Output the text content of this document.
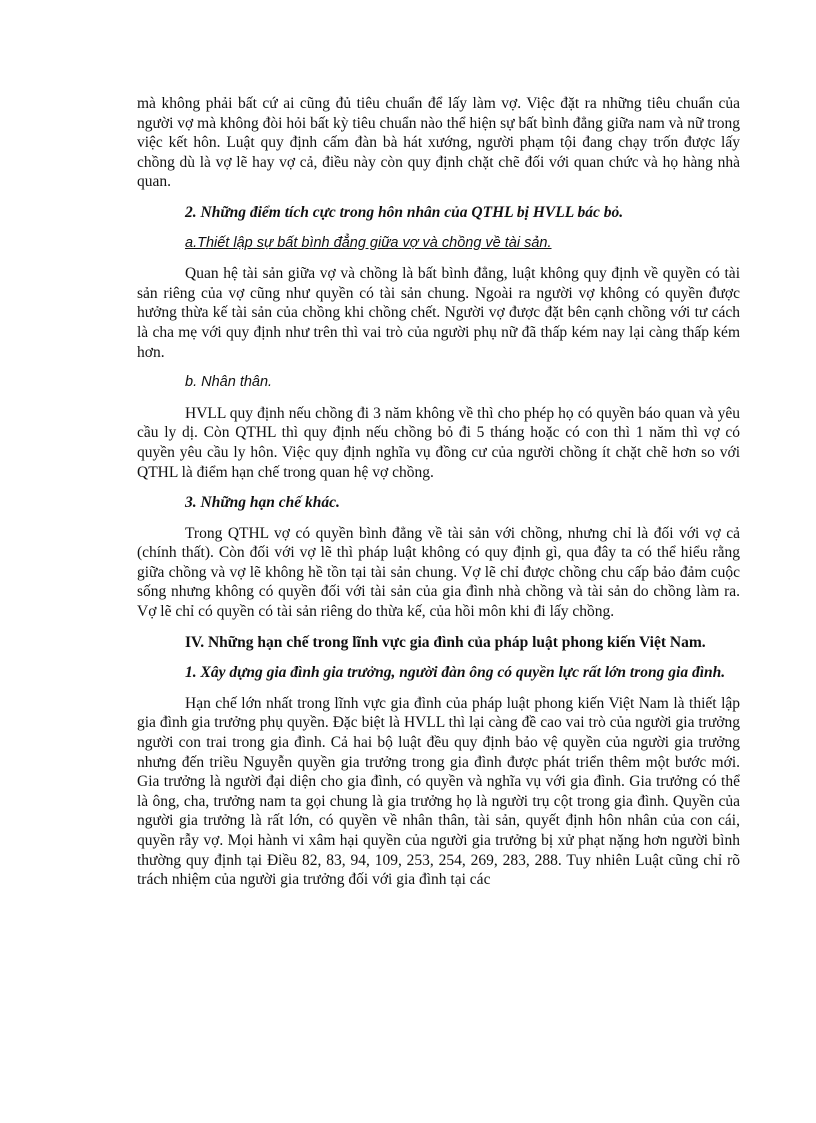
mà không phải bất cứ ai cũng đủ tiêu chuẩn để lấy làm vợ. Việc đặt ra những tiêu chuẩn của người vợ mà không đòi hỏi bất kỳ tiêu chuẩn nào thể hiện sự bất bình đẳng giữa nam và nữ trong việc kết hôn. Luật quy định cấm đàn bà hát xướng, người phạm tội đang chạy trốn được lấy chồng dù là vợ lẽ hay vợ cả, điều này còn quy định chặt chẽ đối với quan chức và họ hàng nhà quan.

2. Những điểm tích cực trong hôn nhân của QTHL bị HVLL bác bỏ.

a.Thiết lập sự bất bình đẳng giữa vợ và chồng về tài sản.

Quan hệ tài sản giữa vợ và chồng là bất bình đẳng, luật không quy định về quyền có tài sản riêng của vợ cũng như quyền có tài sản chung. Ngoài ra người vợ không có quyền được hưởng thừa kế tài sản của chồng khi chồng chết. Người vợ được đặt bên cạnh chồng với tư cách là cha mẹ với quy định như trên thì vai trò của người phụ nữ đã thấp kém nay lại càng thấp kém hơn.

b. Nhân thân.

HVLL quy định nếu chồng đi 3 năm không về thì cho phép họ có quyền báo quan và yêu cầu ly dị. Còn QTHL thì quy định nếu chồng bỏ đi 5 tháng hoặc có con thì 1 năm thì vợ có quyền yêu cầu ly hôn. Việc quy định nghĩa vụ đồng cư của người chồng ít chặt chẽ hơn so với QTHL là điểm hạn chế trong quan hệ vợ chồng.

3. Những hạn chế khác.

Trong QTHL vợ có quyền bình đẳng về tài sản với chồng, nhưng chỉ là đối với vợ cả (chính thất). Còn đối với vợ lẽ thì pháp luật không có quy định gì, qua đây ta có thể hiểu rằng giữa chồng và vợ lẽ không hề tồn tại tài sản chung. Vợ lẽ chỉ được chồng chu cấp bảo đảm cuộc sống nhưng không có quyền đối với tài sản của gia đình nhà chồng và tài sản do chồng làm ra. Vợ lẽ chỉ có quyền có tài sản riêng do thừa kế, của hồi môn khi đi lấy chồng.

IV. Những hạn chế trong lĩnh vực gia đình của pháp luật phong kiến Việt Nam.

1. Xây dựng gia đình gia trưởng, người đàn ông có quyền lực rất lớn trong gia đình.

Hạn chế lớn nhất trong lĩnh vực gia đình của pháp luật phong kiến Việt Nam là thiết lập gia đình gia trưởng phụ quyền. Đặc biệt là HVLL thì lại càng đề cao vai trò của người gia trưởng người con trai trong gia đình. Cả hai bộ luật đều quy định bảo vệ quyền của người gia trưởng nhưng đến triều Nguyễn quyền gia trưởng trong gia đình được phát triển thêm một bước mới. Gia trưởng là người đại diện cho gia đình, có quyền và nghĩa vụ với gia đình. Gia trưởng có thể là ông, cha, trưởng nam ta gọi chung là gia trưởng họ là người trụ cột trong gia đình. Quyền của người gia trưởng là rất lớn, có quyền về nhân thân, tài sản, quyết định hôn nhân của con cái, quyền rẫy vợ. Mọi hành vi xâm hại quyền của người gia trưởng bị xử phạt nặng hơn người bình thường quy định tại Điều 82, 83, 94, 109, 253, 254, 269, 283, 288. Tuy nhiên Luật cũng chỉ rõ trách nhiệm của người gia trưởng đối với gia đình tại các
